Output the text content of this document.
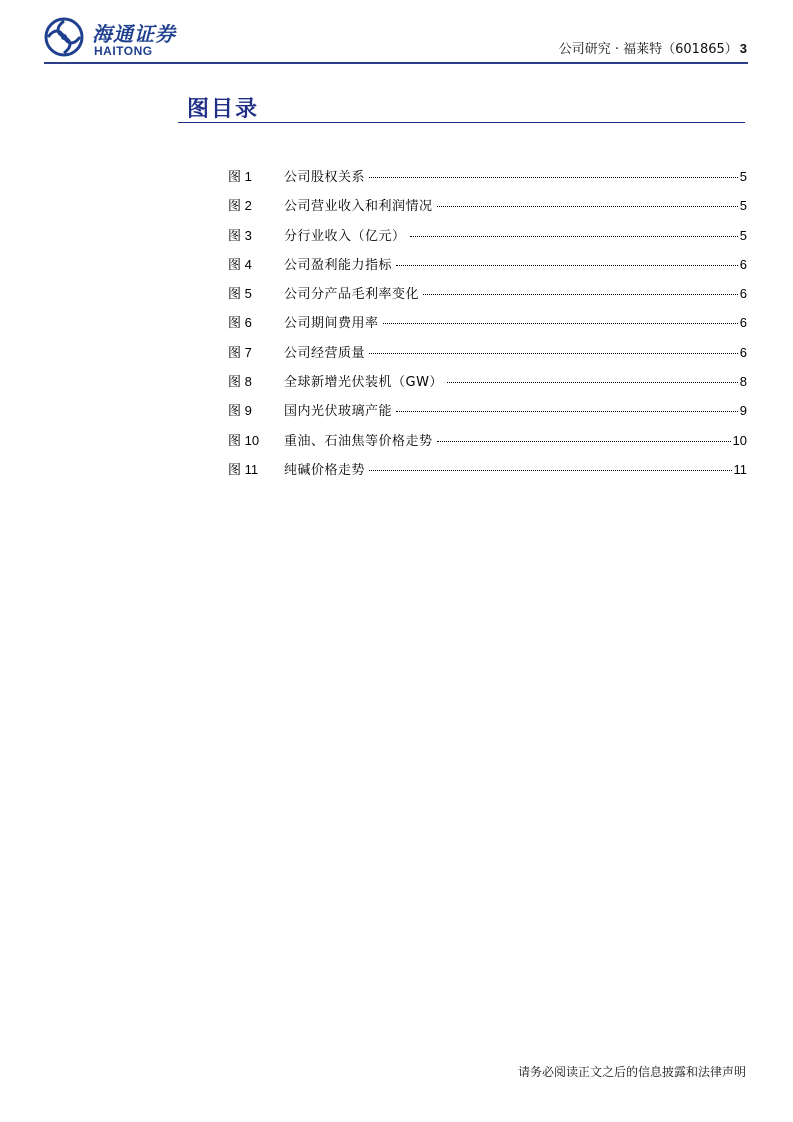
海通证券
HAITONG	公司研究 · 福莱特（601865） 3
图目录
图 1	公司股权关系	5
图 2	公司营业收入和利润情况	5
图 3	分行业收入（亿元）	5
图 4	公司盈利能力指标	6
图 5	公司分产品毛利率变化	6
图 6	公司期间费用率	6
图 7	公司经营质量	6
图 8	全球新增光伏装机（GW）	8
图 9	国内光伏玻璃产能	9
图 10	重油、石油焦等价格走势	10
图 11	纯碱价格走势	11
请务必阅读正文之后的信息披露和法律声明
